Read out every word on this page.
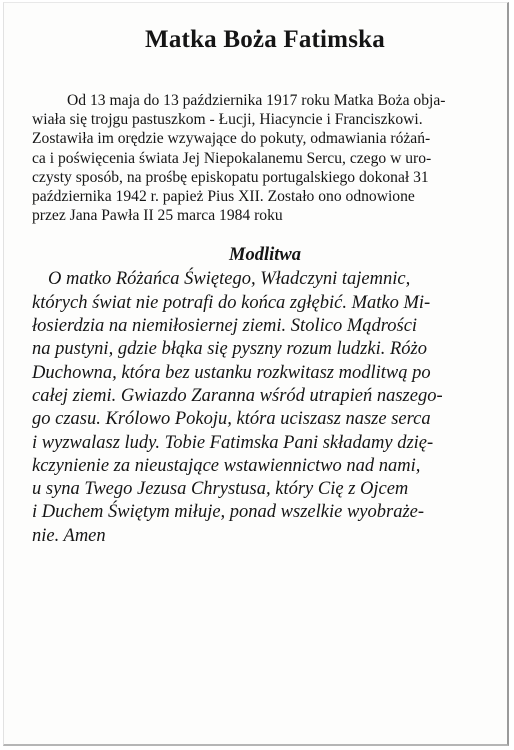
Matka Boża Fatimska

Od 13 maja do 13 października 1917 roku Matka Boża obja-
wiała się trojgu pastuszkom - Łucji, Hiacyncie i Franciszkowi.
Zostawiła im orędzie wzywające do pokuty, odmawiania różań-
ca i poświęcenia świata Jej Niepokalanemu Sercu, czego w uro-
czysty sposób, na prośbę episkopatu portugalskiego dokonał 31
października 1942 r. papież Pius XII. Zostało ono odnowione
przez Jana Pawła II 25 marca 1984 roku

Modlitwa

O matko Różańca Świętego, Władczyni tajemnic,
których świat nie potrafi do końca zgłębić. Matko Mi-
łosierdzia na niemiłosiernej ziemi. Stolico Mądrości
na pustyni, gdzie błąka się pyszny rozum ludzki. Różo
Duchowna, która bez ustanku rozkwitasz modlitwą po
całej ziemi. Gwiazdo Zaranna wśród utrapień naszego-
go czasu. Królowo Pokoju, która uciszasz nasze serca
i wyzwalasz ludy. Tobie Fatimska Pani składamy dzię-
kczynienie za nieustające wstawiennictwo nad nami,
u syna Twego Jezusa Chrystusa, który Cię z Ojcem
i Duchem Świętym miłuje, ponad wszelkie wyobraże-
nie. Amen
